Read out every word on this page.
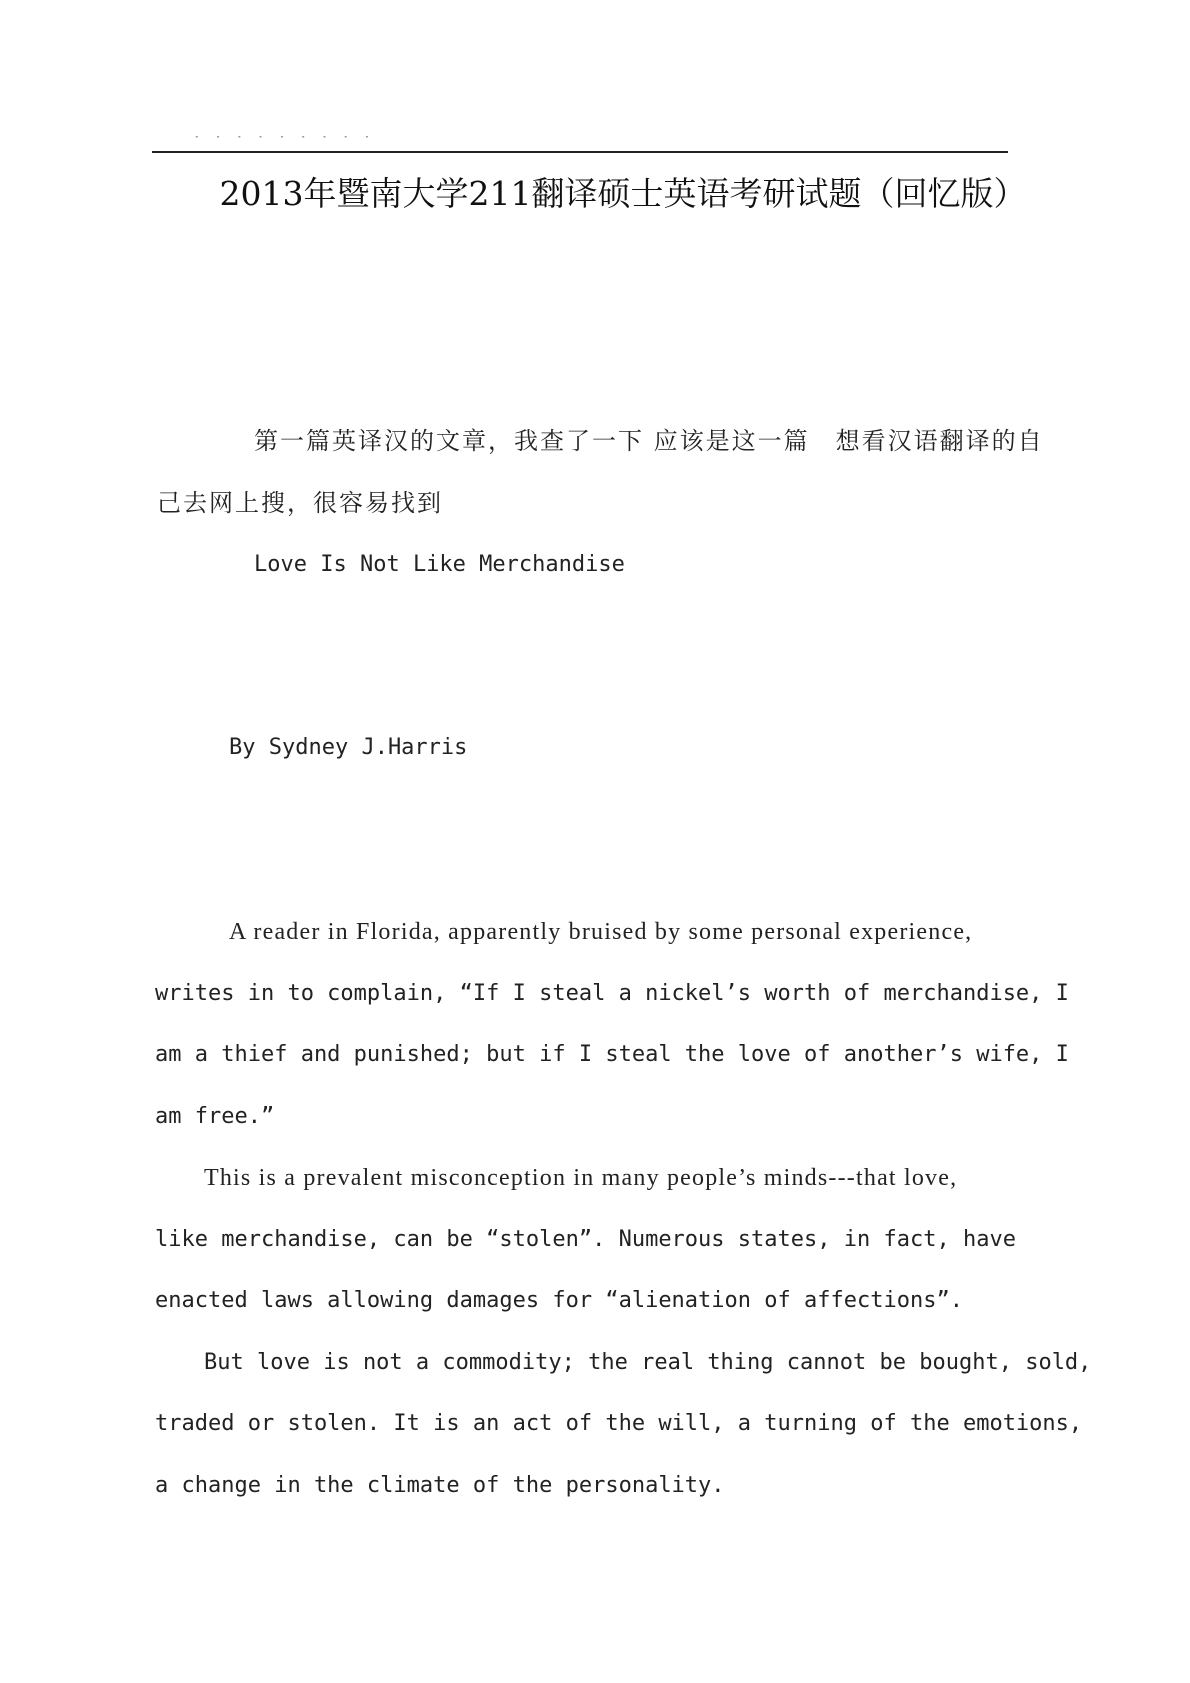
· · · · · · · · ·
2013年暨南大学211翻译硕士英语考研试题（回忆版）
第一篇英译汉的文章，我查了一下 应该是这一篇　想看汉语翻译的自
己去网上搜，很容易找到
Love Is Not Like Merchandise
By Sydney J.Harris
A reader in Florida, apparently bruised by some personal experience,
writes in to complain, “If I steal a nickel’s worth of merchandise, I
am a thief and punished; but if I steal the love of another’s wife, I
am free.”
This is a prevalent misconception in many people’s minds---that love,
like merchandise, can be “stolen”. Numerous states, in fact, have
enacted laws allowing damages for “alienation of affections”.
But love is not a commodity; the real thing cannot be bought, sold,
traded or stolen. It is an act of the will, a turning of the emotions,
a change in the climate of the personality.
